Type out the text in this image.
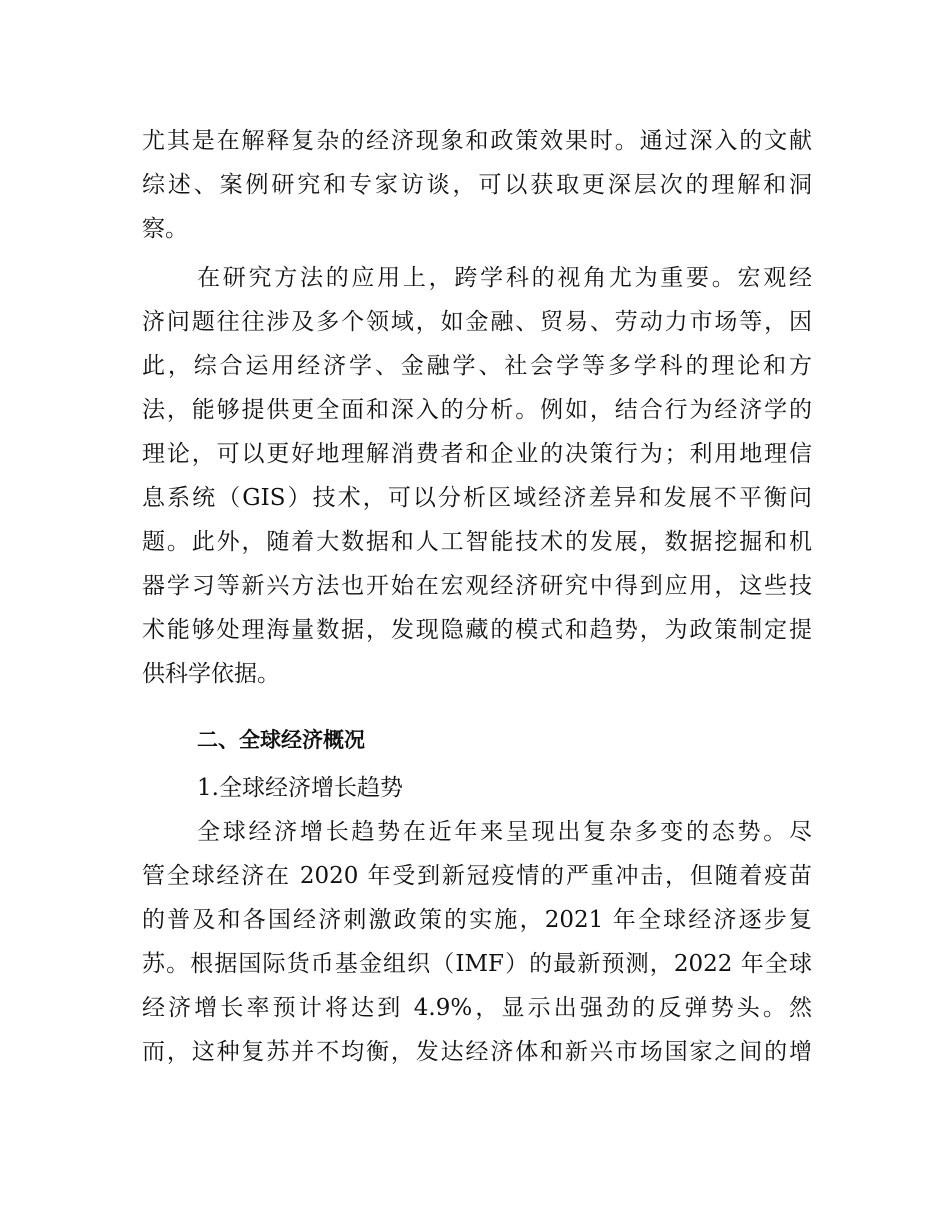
尤其是在解释复杂的经济现象和政策效果时。通过深入的文献
综述、案例研究和专家访谈，可以获取更深层次的理解和洞
察。
在研究方法的应用上，跨学科的视角尤为重要。宏观经
济问题往往涉及多个领域，如金融、贸易、劳动力市场等，因
此，综合运用经济学、金融学、社会学等多学科的理论和方
法，能够提供更全面和深入的分析。例如，结合行为经济学的
理论，可以更好地理解消费者和企业的决策行为；利用地理信
息系统（GIS）技术，可以分析区域经济差异和发展不平衡问
题。此外，随着大数据和人工智能技术的发展，数据挖掘和机
器学习等新兴方法也开始在宏观经济研究中得到应用，这些技
术能够处理海量数据，发现隐藏的模式和趋势，为政策制定提
供科学依据。
二、全球经济概况
1.全球经济增长趋势
全球经济增长趋势在近年来呈现出复杂多变的态势。尽
管全球经济在 2020 年受到新冠疫情的严重冲击，但随着疫苗
的普及和各国经济刺激政策的实施，2021 年全球经济逐步复
苏。根据国际货币基金组织（IMF）的最新预测，2022 年全球
经济增长率预计将达到 4.9%，显示出强劲的反弹势头。然
而，这种复苏并不均衡，发达经济体和新兴市场国家之间的增
